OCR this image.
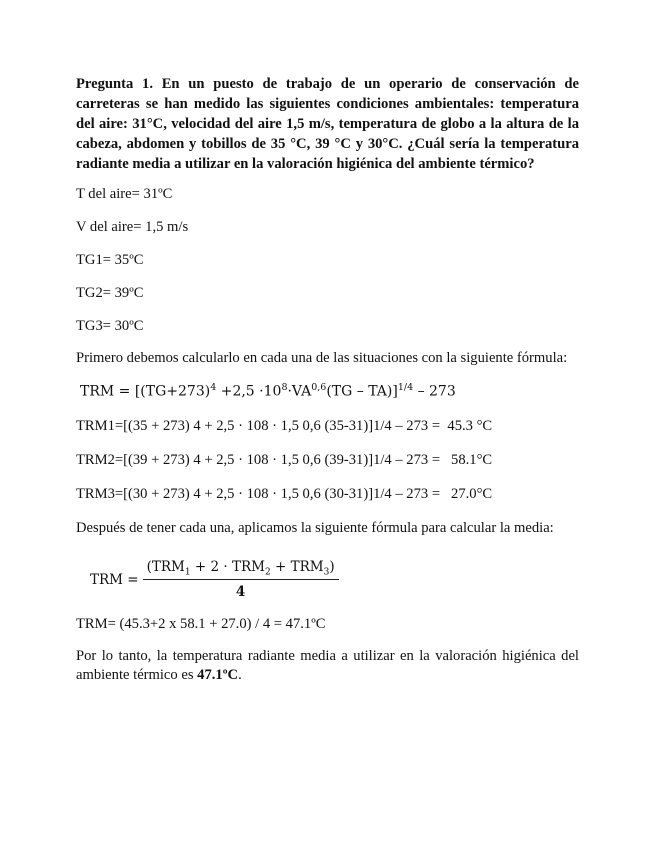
Pregunta 1. En un puesto de trabajo de un operario de conservación de carreteras se han medido las siguientes condiciones ambientales: temperatura del aire: 31°C, velocidad del aire 1,5 m/s, temperatura de globo a la altura de la cabeza, abdomen y tobillos de 35 °C, 39 °C y 30°C. ¿Cuál sería la temperatura radiante media a utilizar en la valoración higiénica del ambiente térmico?

T del aire= 31ºC

V del aire= 1,5 m/s

TG1= 35ºC

TG2= 39ºC

TG3= 30ºC

Primero debemos calcularlo en cada una de las situaciones con la siguiente fórmula:

TRM = $[(TG+273)^4 +2,5 \cdot 10^8\cdot VA^{0,6}(TG - TA)]^{1/4} - 273$

TRM1=[(35 + 273) 4 + 2,5 · 108 · 1,5 0,6 (35-31)]1/4 – 273 = 45.3 °C

TRM2=[(39 + 273) 4 + 2,5 · 108 · 1,5 0,6 (39-31)]1/4 – 273 = 58.1°C

TRM3=[(30 + 273) 4 + 2,5 · 108 · 1,5 0,6 (30-31)]1/4 – 273 = 27.0°C

Después de tener cada una, aplicamos la siguiente fórmula para calcular la media:

TRM = $\frac{(TRM_1 + 2 \cdot TRM_2 + TRM_3)}{4}$

TRM= (45.3+2 x 58.1 + 27.0) / 4 = 47.1ºC

Por lo tanto, la temperatura radiante media a utilizar en la valoración higiénica del ambiente térmico es 47.1ºC.
